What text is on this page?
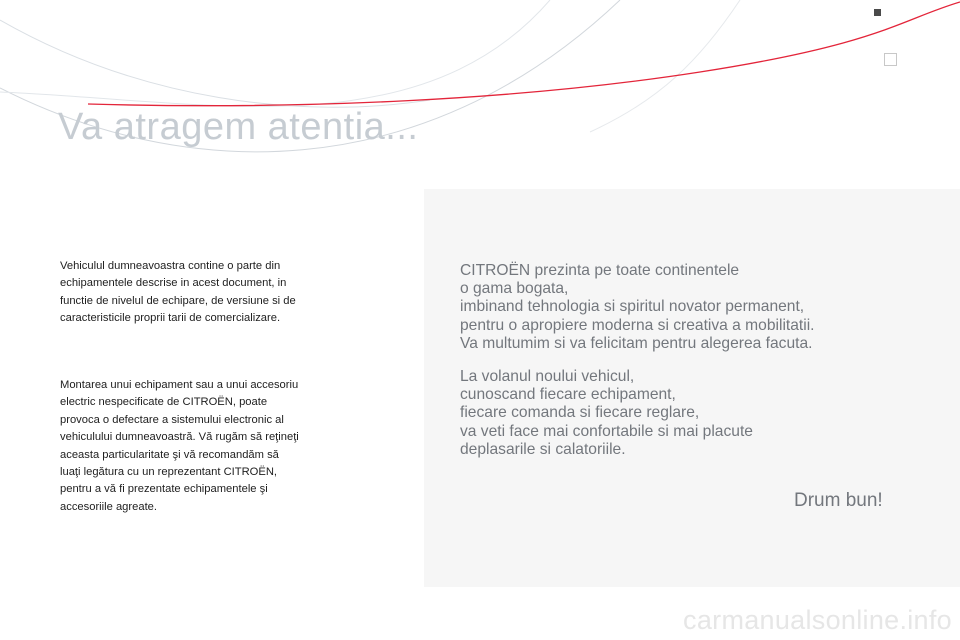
Va atragem atentia...

Vehiculul dumneavoastra contine o parte din
echipamentele descrise in acest document, in
functie de nivelul de echipare, de versiune si de
caracteristicile proprii tarii de comercializare.

Montarea unui echipament sau a unui accesoriu
electric nespecificate de CITROËN, poate
provoca o defectare a sistemului electronic al
vehiculului dumneavoastră. Vă rugăm să reţineţi
aceasta particularitate şi vă recomandăm să
luaţi legătura cu un reprezentant CITROËN,
pentru a vă fi prezentate echipamentele şi
accesoriile agreate.

CITROËN prezinta pe toate continentele
o gama bogata,
imbinand tehnologia si spiritul novator permanent,
pentru o apropiere moderna si creativa a mobilitatii.
Va multumim si va felicitam pentru alegerea facuta.

La volanul noului vehicul,
cunoscand fiecare echipament,
fiecare comanda si fiecare reglare,
va veti face mai confortabile si mai placute
deplasarile si calatoriile.

Drum bun!

carmanualsonline.info
